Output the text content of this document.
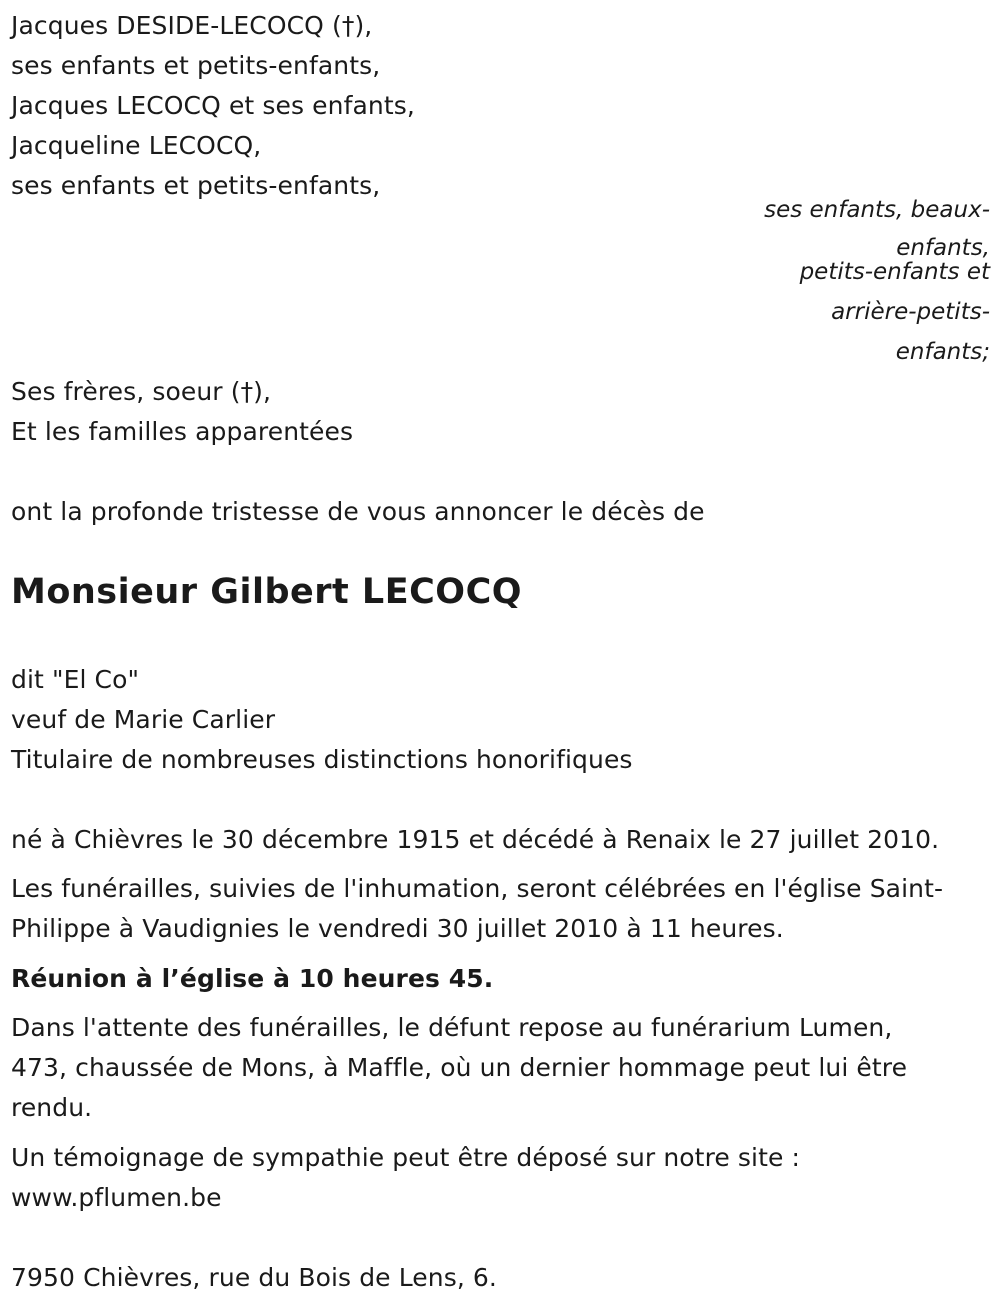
Jacques DESIDE-LECOCQ (†),
ses enfants et petits-enfants,
Jacques LECOCQ et ses enfants,
Jacqueline LECOCQ,
ses enfants et petits-enfants,
ses enfants, beaux-
enfants,
petits-enfants et
arrière-petits-
enfants;
Ses frères, soeur (†),
Et les familles apparentées
ont la profonde tristesse de vous annoncer le décès de
Monsieur Gilbert LECOCQ
dit "El Co"
veuf de Marie Carlier
Titulaire de nombreuses distinctions honorifiques
né à Chièvres le 30 décembre 1915 et décédé à Renaix le 27 juillet 2010.
Les funérailles, suivies de l'inhumation, seront célébrées en l'église Saint-
Philippe à Vaudignies le vendredi 30 juillet 2010 à 11 heures.
Réunion à l’église à 10 heures 45.
Dans l'attente des funérailles, le défunt repose au funérarium Lumen,
473, chaussée de Mons, à Maffle, où un dernier hommage peut lui être
rendu.
Un témoignage de sympathie peut être déposé sur notre site :
www.pflumen.be
7950 Chièvres, rue du Bois de Lens, 6.
